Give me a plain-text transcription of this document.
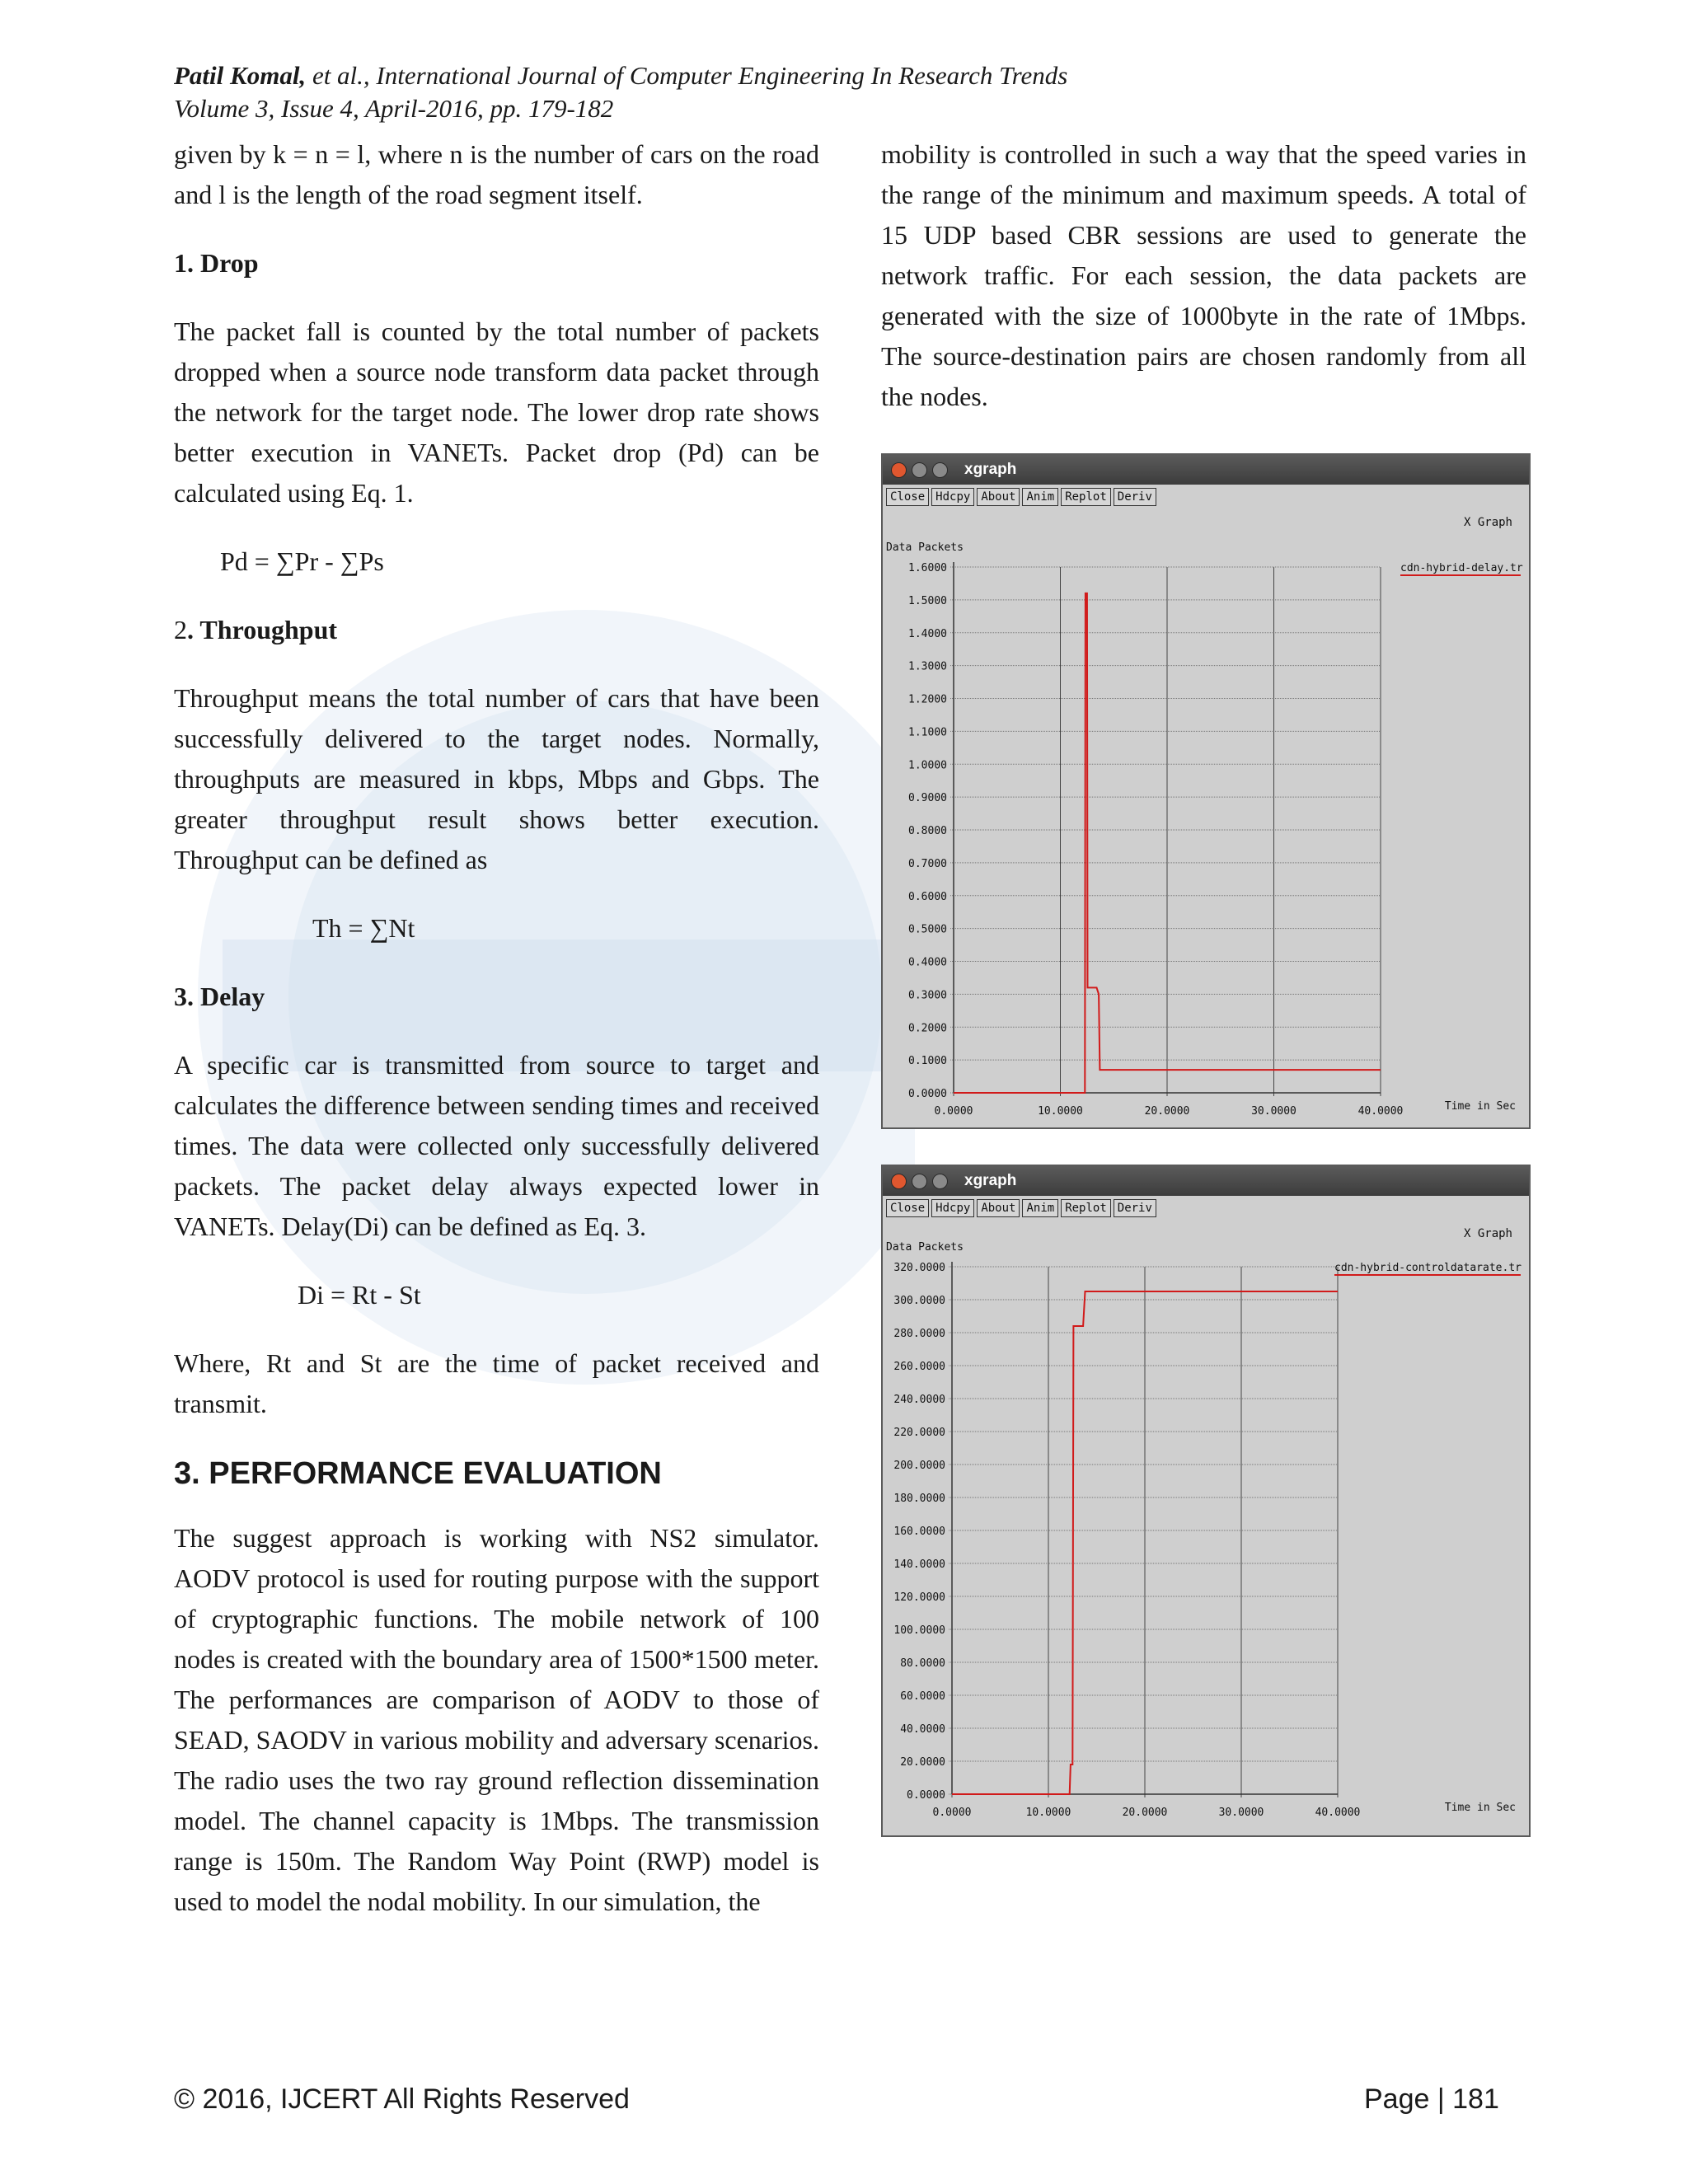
Patil Komal, et al., International Journal of Computer Engineering In Research Trends
Volume 3, Issue 4, April-2016, pp. 179-182

given by k = n = l, where n is the number of cars on the road and l is the length of the road segment itself.

1. Drop

The packet fall is counted by the total number of packets dropped when a source node transform data packet through the network for the target node. The lower drop rate shows better execution in VANETs. Packet drop (Pd) can be calculated using Eq. 1.

Pd = ∑Pr - ∑Ps
2. Throughput

Throughput means the total number of cars that have been successfully delivered to the target nodes. Normally, throughputs are measured in kbps, Mbps and Gbps. The greater throughput result shows better execution. Throughput can be defined as

Th = ∑Nt
3. Delay

A specific car is transmitted from source to target and calculates the difference between sending times and received times. The data were collected only successfully delivered packets. The packet delay always expected lower in VANETs. Delay(Di) can be defined as Eq. 3.

Di = Rt - St

Where, Rt and St are the time of packet received and transmit.

3. PERFORMANCE EVALUATION

The suggest approach is working with NS2 simulator. AODV protocol is used for routing purpose with the support of cryptographic functions. The mobile network of 100 nodes is created with the boundary area of 1500*1500 meter. The performances are comparison of AODV to those of SEAD, SAODV in various mobility and adversary scenarios. The radio uses the two ray ground reflection dissemination model. The channel capacity is 1Mbps. The transmission range is 150m. The Random Way Point (RWP) model is used to model the nodal mobility. In our simulation, the

mobility is controlled in such a way that the speed varies in the range of the minimum and maximum speeds. A total of 15 UDP based CBR sessions are used to generate the network traffic. For each session, the data packets are generated with the size of 1000byte in the rate of 1Mbps. The source-destination pairs are chosen randomly from all the nodes.

xgraph
0.0000
0.1000
0.2000
0.3000
0.4000
0.5000
0.6000
0.7000
0.8000
0.9000
1.0000
1.1000
1.2000
1.3000
1.4000
1.5000
1.6000
0.0000	10.0000	20.0000	30.0000	40.0000
Data Packets
X Graph
Time in Sec
cdn-hybrid-delay.tr
Close Hdcpy About Anim Replot Deriv
xgraph
0.0000
20.0000
40.0000
60.0000
80.0000
100.0000
120.0000
140.0000
160.0000
180.0000
200.0000
220.0000
240.0000
260.0000
280.0000
300.0000
320.0000
0.0000	10.0000	20.0000	30.0000	40.0000
Data Packets
X Graph
Time in Sec
cdn-hybrid-controldatarate.tr
Close Hdcpy About Anim Replot Deriv
© 2016, IJCERT All Rights Reserved	Page | 181
